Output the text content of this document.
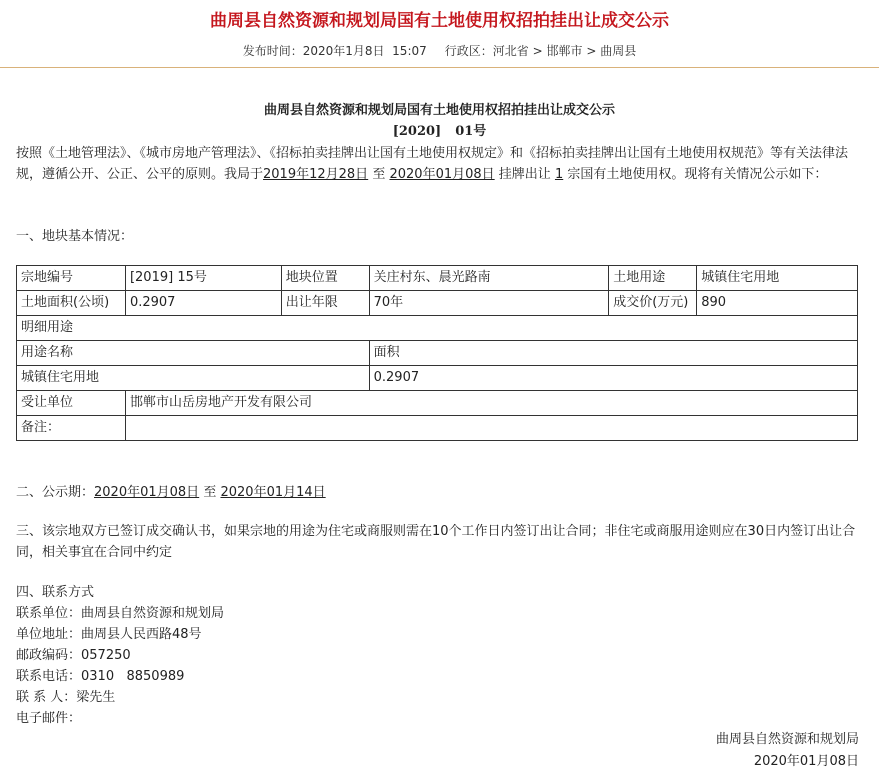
曲周县自然资源和规划局国有土地使用权招拍挂出让成交公示
发布时间：2020年1月8日  15:07 行政区：河北省 > 邯郸市 > 曲周县
曲周县自然资源和规划局国有土地使用权招拍挂出让成交公示
[2020] 01号
按照《土地管理法》、《城市房地产管理法》、《招标拍卖挂牌出让国有土地使用权规定》和《招标拍卖挂牌出让国有土地使用权规范》等有关法律法规，遵循公开、公正、公平的原则。我局于2019年12月28日 至 2020年01月08日 挂牌出让 1 宗国有土地使用权。现将有关情况公示如下：
一、地块基本情况：
宗地编号	[2019] 15号	地块位置	关庄村东、晨光路南	土地用途	城镇住宅用地
土地面积(公顷)	0.2907	出让年限	70年	成交价(万元)	890
明细用途					
用途名称			面积		
城镇住宅用地			0.2907		
受让单位	邯郸市山岳房地产开发有限公司				
备注：					
二、公示期：2020年01月08日 至 2020年01月14日
三、该宗地双方已签订成交确认书，如果宗地的用途为住宅或商服则需在10个工作日内签订出让合同；非住宅或商服用途则应在30日内签订出让合同，相关事宜在合同中约定
四、联系方式
联系单位：曲周县自然资源和规划局
单位地址：曲周县人民西路48号
邮政编码：057250
联系电话：0310   8850989
联 系 人：梁先生
电子邮件：
曲周县自然资源和规划局
2020年01月08日
